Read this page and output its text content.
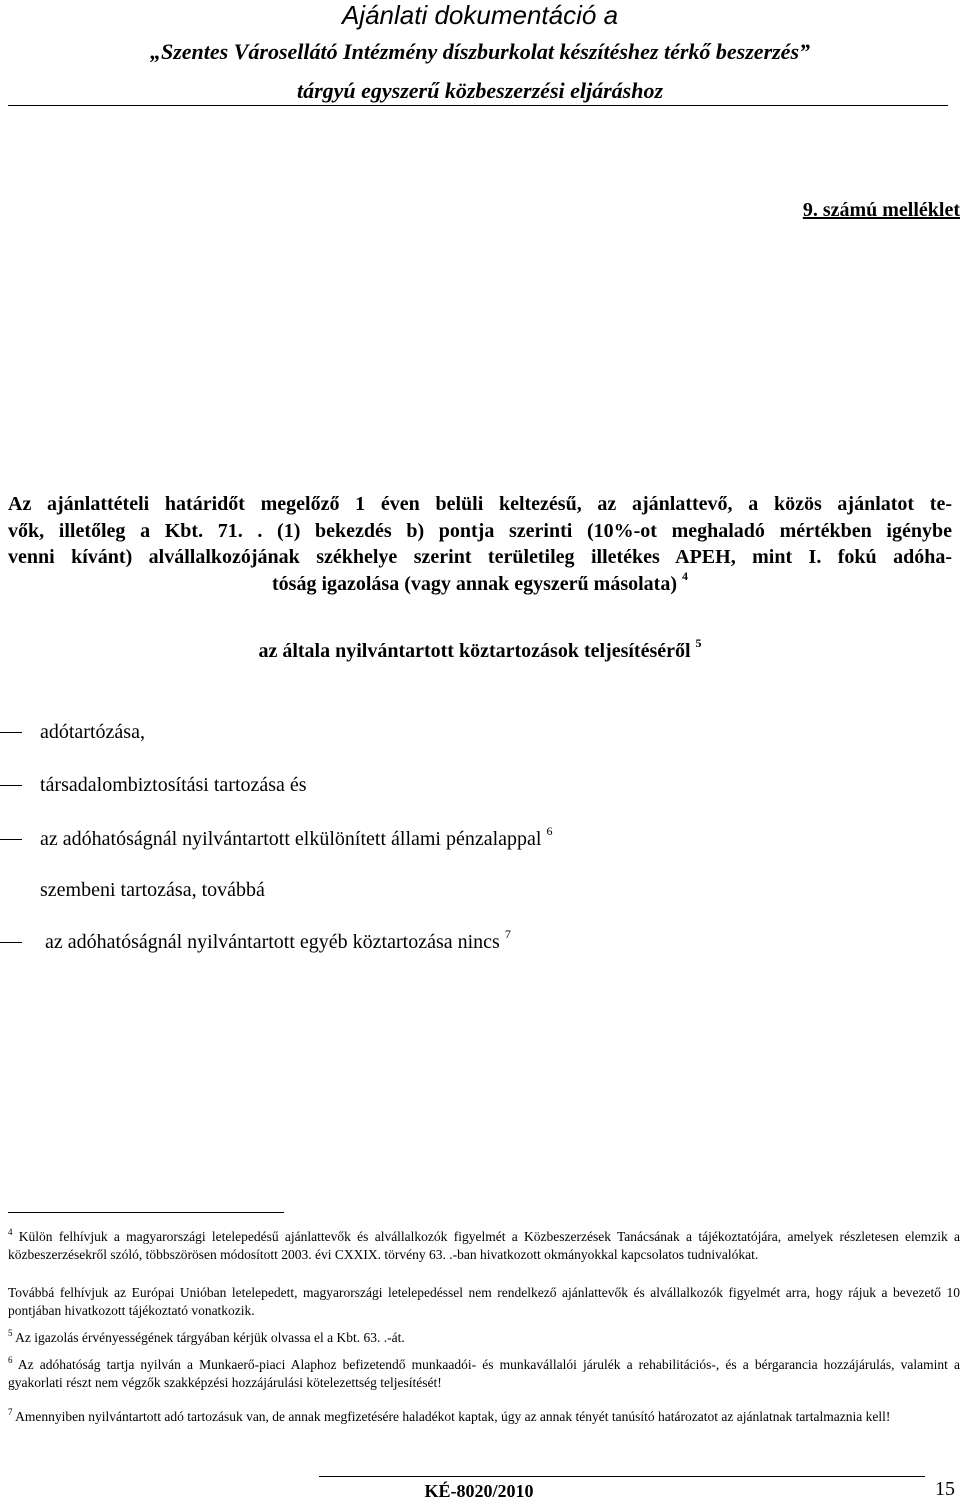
Ajánlati dokumentáció a
„Szentes Városellátó Intézmény díszburkolat készítéshez térkő beszerzés”
tárgyú egyszerű közbeszerzési eljáráshoz
9. számú melléklet
Az ajánlattételi határidőt megelőző 1 éven belüli keltezésű, az ajánlattevő, a közös ajánlatot te-
vők, illetőleg a Kbt. 71. . (1) bekezdés b) pontja szerinti (10%-ot meghaladó mértékben igénybe
venni kívánt) alvállalkozójának székhelye szerint területileg illetékes APEH, mint I. fokú adóha-
tóság igazolása (vagy annak egyszerű másolata) $^4$
az általa nyilvántartott köztartozások teljesítéséről $^5$
adótartózása,
társadalombiztosítási tartozása és
az adóhatóságnál nyilvántartott elkülönített állami pénzalappal $^6$
szembeni tartozása, továbbá
az adóhatóságnál nyilvántartott egyéb köztartozása nincs $^7$
$^4$ Külön felhívjuk a magyarországi letelepedésű ajánlattevők és alvállalkozók figyelmét a Közbeszerzések Tanácsának a tájékoztatójára, amelyek részletesen elemzik a közbeszerzésekről szóló, többszörösen módosított 2003. évi CXXIX. törvény 63. .-ban hivatkozott okmányokkal kapcsolatos tudnivalókat.
Továbbá felhívjuk az Európai Unióban letelepedett, magyarországi letelepedéssel nem rendelkező ajánlattevők és alvállalkozók figyelmét arra, hogy rájuk a bevezető 10 pontjában hivatkozott tájékoztató vonatkozik.
$^5$ Az igazolás érvényességének tárgyában kérjük olvassa el a Kbt. 63. .-át.
$^6$ Az adóhatóság tartja nyilván a Munkaerő-piaci Alaphoz befizetendő munkaadói- és munkavállalói járulék a rehabilitációs-, és a bérgarancia hozzájárulás, valamint a gyakorlati részt nem végzők szakképzési hozzájárulási kötelezettség teljesítését!
$^7$ Amennyiben nyilvántartott adó tartozásuk van, de annak megfizetésére haladékot kaptak, úgy az annak tényét tanúsító határozatot az ajánlatnak tartalmaznia kell!
KÉ-8020/2010	15
